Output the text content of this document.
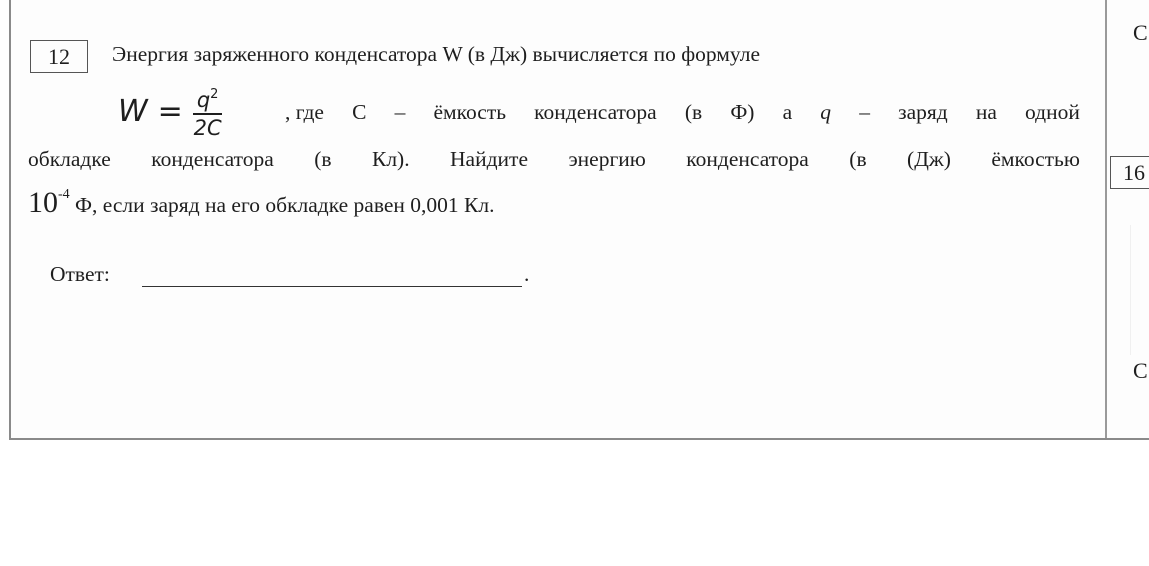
12	Энергия заряженного конденсатора W (в Дж) вычисляется по формуле
$W = \frac{q^2}{2C}$	, где С – ёмкость конденсатора (в Ф) а q – заряд на одной
обкладке конденсатора (в Кл). Найдите энергию конденсатора (в (Дж) ёмкостью
$10^{-4}$ Ф, если заряд на его обкладке равен 0,001 Кл.
Ответ:	.
С
16
С
